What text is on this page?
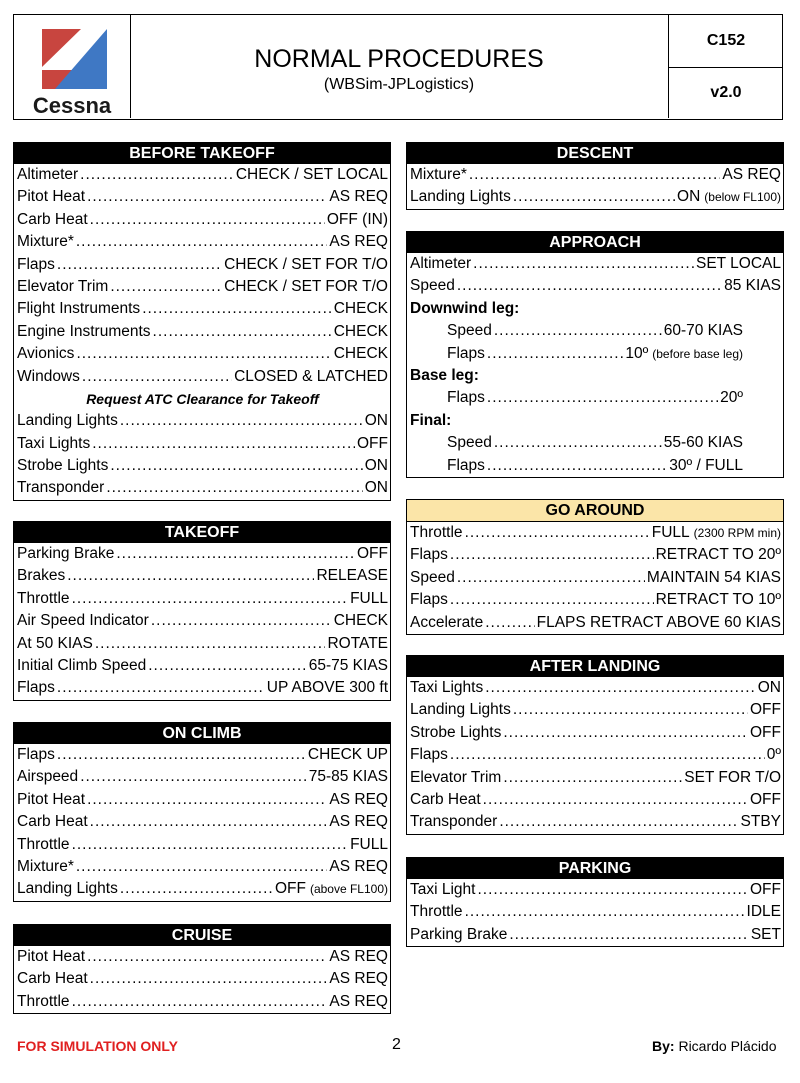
Cessna
NORMAL PROCEDURES
(WBSim-JPLogistics)
C152
v2.0
BEFORE TAKEOFF
Altimeter .....	CHECK / SET LOCAL
Pitot Heat .....	AS REQ
Carb Heat .....	OFF (IN)
Mixture* .....	AS REQ
Flaps .....	CHECK / SET FOR T/O
Elevator Trim .....	CHECK / SET FOR T/O
Flight Instruments .....	CHECK
Engine Instruments .....	CHECK
Avionics .....	CHECK
Windows .....	CLOSED & LATCHED
Request ATC Clearance for Takeoff
Landing Lights .....	ON
Taxi Lights .....	OFF
Strobe Lights .....	ON
Transponder .....	ON
TAKEOFF
Parking Brake .....	OFF
Brakes .....	RELEASE
Throttle .....	FULL
Air Speed Indicator .....	CHECK
At 50 KIAS .....	ROTATE
Initial Climb Speed .....	65-75 KIAS
Flaps .....	UP ABOVE 300 ft
ON CLIMB
Flaps .....	CHECK UP
Airspeed .....	75-85 KIAS
Pitot Heat .....	AS REQ
Carb Heat .....	AS REQ
Throttle .....	FULL
Mixture* .....	AS REQ
Landing Lights .....	OFF (above FL100)
CRUISE
Pitot Heat .....	AS REQ
Carb Heat .....	AS REQ
Throttle .....	AS REQ
DESCENT
Mixture* .....	AS REQ
Landing Lights .....	ON (below FL100)
APPROACH
Altimeter .....	SET LOCAL
Speed .....	85 KIAS
Downwind leg:
Speed .....	60-70 KIAS
Flaps .....	10º (before base leg)
Base leg:
Flaps .....	20º
Final:
Speed .....	55-60 KIAS
Flaps .....	30º / FULL
GO AROUND
Throttle .....	FULL (2300 RPM min)
Flaps .....	RETRACT TO 20º
Speed .....	MAINTAIN 54 KIAS
Flaps .....	RETRACT TO 10º
Accelerate .....	FLAPS RETRACT ABOVE 60 KIAS
AFTER LANDING
Taxi Lights .....	ON
Landing Lights .....	OFF
Strobe Lights .....	OFF
Flaps .....	0º
Elevator Trim .....	SET FOR T/O
Carb Heat .....	OFF
Transponder .....	STBY
PARKING
Taxi Light .....	OFF
Throttle .....	IDLE
Parking Brake .....	SET
FOR SIMULATION ONLY	2	By: Ricardo Plácido
